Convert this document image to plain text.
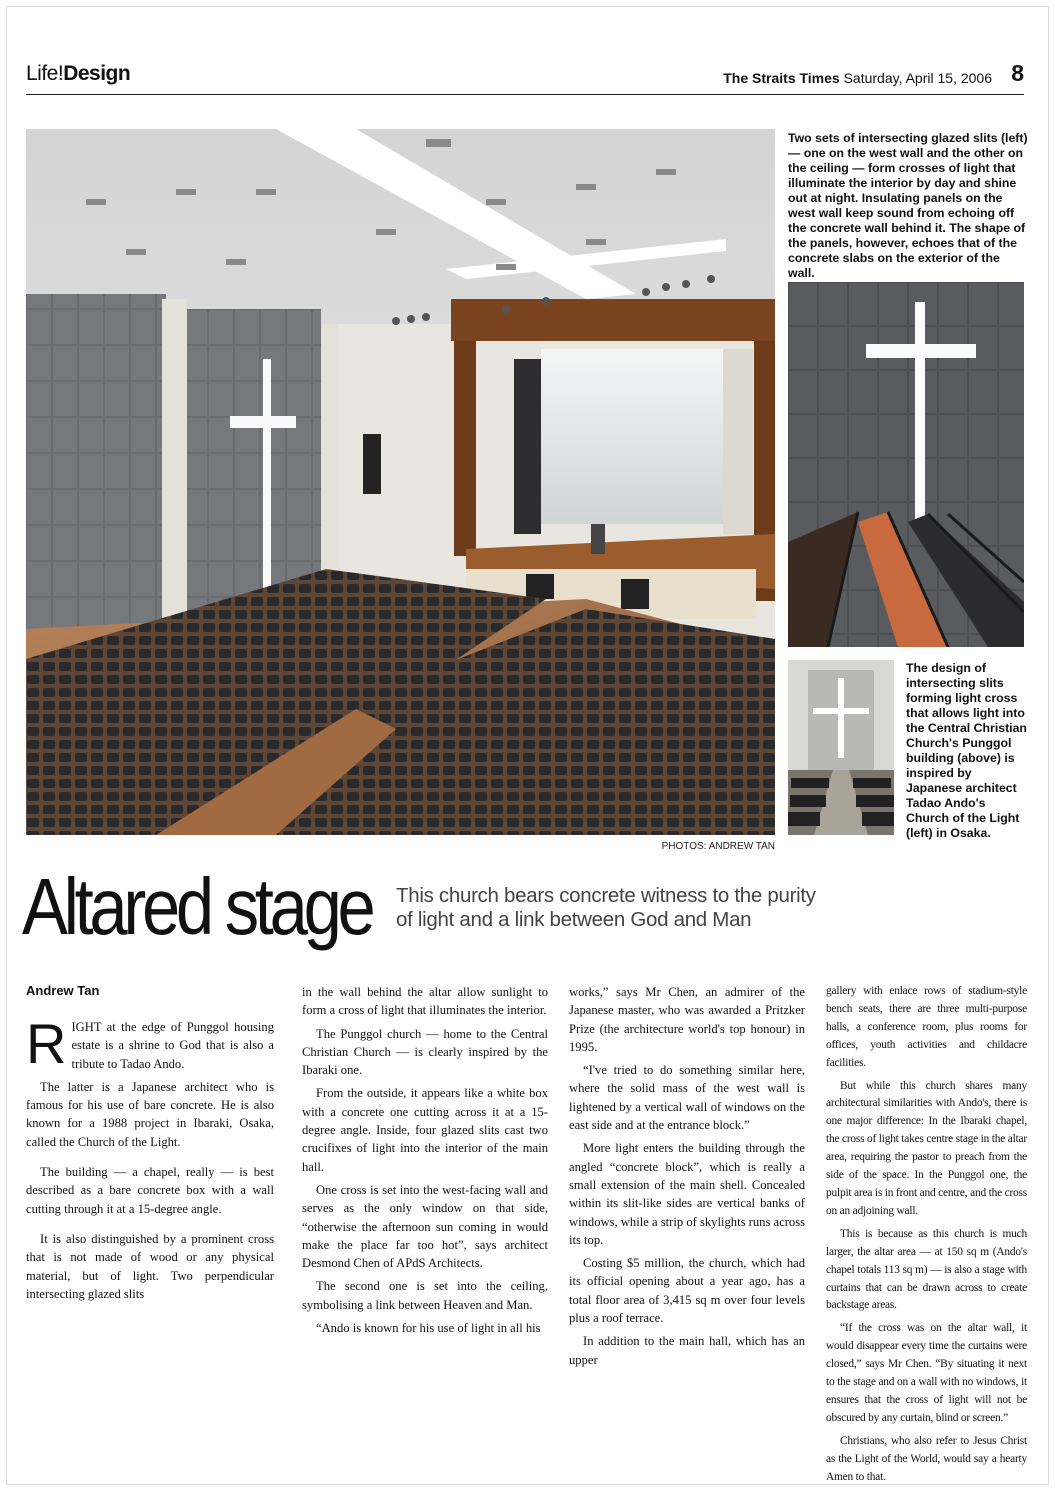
Life!Design	The Straits Times Saturday, April 15, 2006 8
Two sets of intersecting glazed slits (left) — one on the west wall and the other on the ceiling — form crosses of light that illuminate the interior by day and shine out at night. Insulating panels on the west wall keep sound from echoing off the concrete wall behind it. The shape of the panels, however, echoes that of the concrete slabs on the exterior of the wall.
The design of intersecting slits forming light cross that allows light into the Central Christian Church's Punggol building (above) is inspired by Japanese architect Tadao Ando's Church of the Light (left) in Osaka.
PHOTOS: ANDREW TAN
Altared stage This church bears concrete witness to the purity of light and a link between God and Man
Andrew Tan

RIGHT at the edge of Punggol housing estate is a shrine to God that is also a tribute to Tadao Ando.

The latter is a Japanese architect who is famous for his use of bare concrete. He is also known for a 1988 project in Ibaraki, Osaka, called the Church of the Light.

The building — a chapel, really — is best described as a bare concrete box with a wall cutting through it at a 15-degree angle.

It is also distinguished by a prominent cross that is not made of wood or any physical material, but of light. Two perpendicular intersecting glazed slits

in the wall behind the altar allow sunlight to form a cross of light that illuminates the interior.

The Punggol church — home to the Central Christian Church — is clearly inspired by the Ibaraki one.

From the outside, it appears like a white box with a concrete one cutting across it at a 15-degree angle. Inside, four glazed slits cast two crucifixes of light into the interior of the main hall.

One cross is set into the west-facing wall and serves as the only window on that side, “otherwise the afternoon sun coming in would make the place far too hot”, says architect Desmond Chen of APdS Architects.

The second one is set into the ceiling, symbolising a link between Heaven and Man.

“Ando is known for his use of light in all his

works,” says Mr Chen, an admirer of the Japanese master, who was awarded a Pritzker Prize (the architecture world's top honour) in 1995.

“I've tried to do something similar here, where the solid mass of the west wall is lightened by a vertical wall of windows on the east side and at the entrance block.”

More light enters the building through the angled “concrete block”, which is really a small extension of the main shell. Concealed within its slit-like sides are vertical banks of windows, while a strip of skylights runs across its top.

Costing $5 million, the church, which had its official opening about a year ago, has a total floor area of 3,415 sq m over four levels plus a roof terrace.

In addition to the main hall, which has an upper

gallery with enlace rows of stadium-style bench seats, there are three multi-purpose halls, a conference room, plus rooms for offices, youth activities and childacre facilities.

But while this church shares many architectural similarities with Ando's, there is one major difference: In the Ibaraki chapel, the cross of light takes centre stage in the altar area, requiring the pastor to preach from the side of the space. In the Punggol one, the pulpit area is in front and centre, and the cross on an adjoining wall.

This is because as this church is much larger, the altar area — at 150 sq m (Ando's chapel totals 113 sq m) — is also a stage with curtains that can be drawn across to create backstage areas.

“If the cross was on the altar wall, it would disappear every time the curtains were closed,” says Mr Chen. “By situating it next to the stage and on a wall with no windows, it ensures that the cross of light will not be obscured by any curtain, blind or screen.”

Christians, who also refer to Jesus Christ as the Light of the World, would say a hearty Amen to that.
